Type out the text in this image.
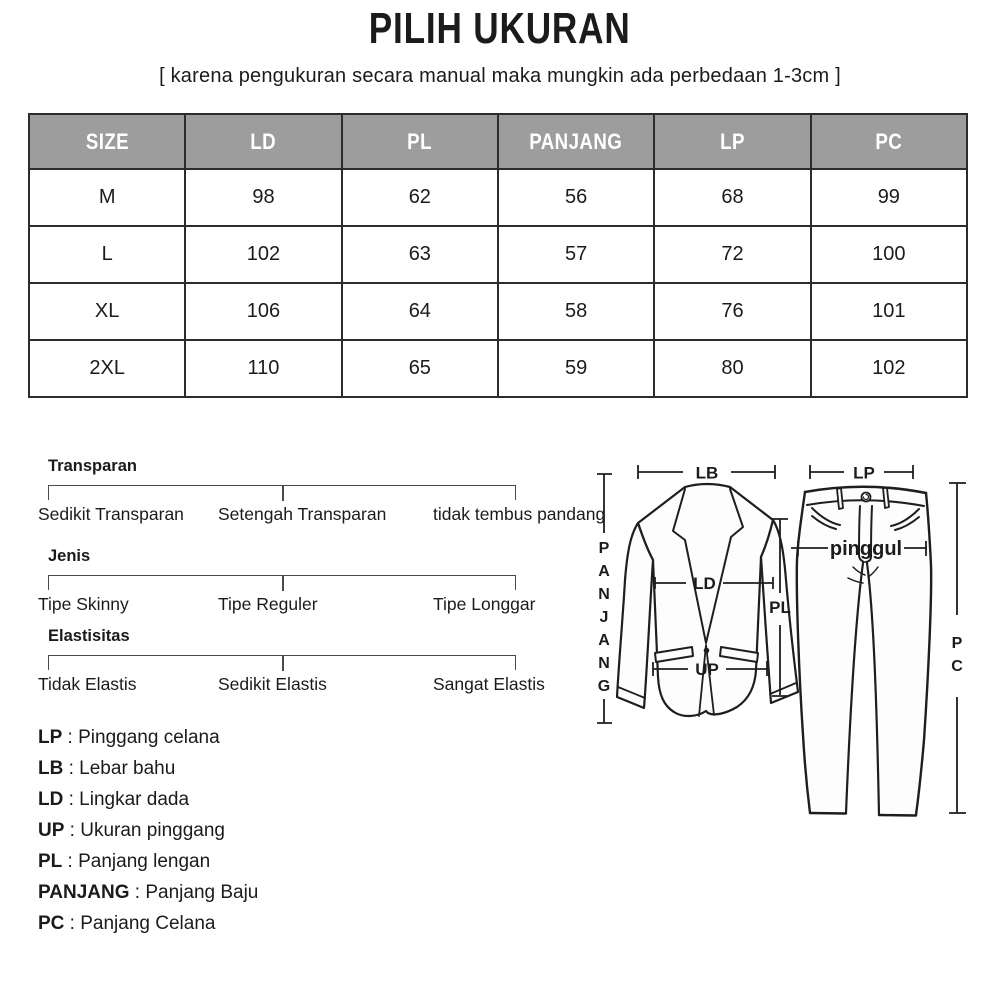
PILIH UKURAN
[ karena pengukuran secara manual maka mungkin ada perbedaan 1-3cm ]
SIZE	LD	PL	PANJANG	LP	PC
M	98	62	56	68	99
L	102	63	57	72	100
XL	106	64	58	76	101
2XL	110	65	59	80	102
Transparan
Sedikit Transparan Setengah Transparan	tidak tembus pandang
Jenis
Tipe Skinny	Tipe Reguler	Tipe Longgar
Elastisitas
Tidak Elastis	Sedikit Elastis	Sangat Elastis
LP : Pinggang celana
LB : Lebar bahu
LD : Lingkar dada
UP : Ukuran pinggang
PL : Panjang lengan
PANJANG : Panjang Baju
PC : Panjang Celana
LB
P
A
N
J
A
N
G
LD
PL
UP
LP
pinggul
P
C
